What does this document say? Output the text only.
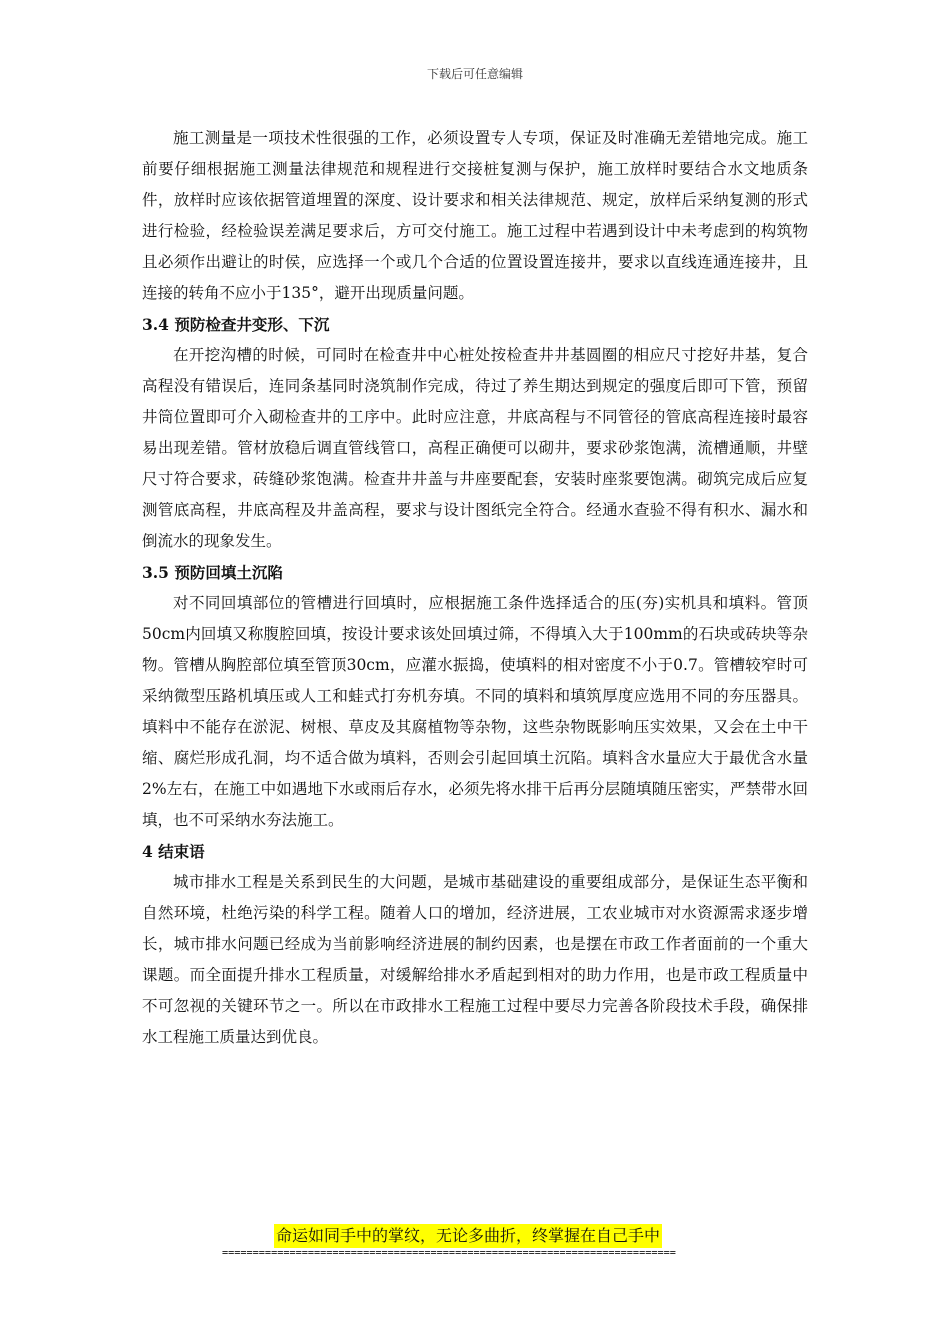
下载后可任意编辑

施工测量是一项技术性很强的工作，必须设置专人专项，保证及时准确无差错地完成。施工前要仔细根据施工测量法律规范和规程进行交接桩复测与保护，施工放样时要结合水文地质条件，放样时应该依据管道埋置的深度、设计要求和相关法律规范、规定，放样后采纳复测的形式进行检验，经检验误差满足要求后，方可交付施工。施工过程中若遇到设计中未考虑到的构筑物且必须作出避让的时侯，应选择一个或几个合适的位置设置连接井，要求以直线连通连接井，且连接的转角不应小于135°，避开出现质量问题。

3.4 预防检查井变形、下沉

在开挖沟槽的时候，可同时在检查井中心桩处按检查井井基圆圈的相应尺寸挖好井基，复合高程没有错误后，连同条基同时浇筑制作完成，待过了养生期达到规定的强度后即可下管，预留井筒位置即可介入砌检查井的工序中。此时应注意，井底高程与不同管径的管底高程连接时最容易出现差错。管材放稳后调直管线管口，高程正确便可以砌井，要求砂浆饱满，流槽通顺，井壁尺寸符合要求，砖缝砂浆饱满。检查井井盖与井座要配套，安装时座浆要饱满。砌筑完成后应复测管底高程，井底高程及井盖高程，要求与设计图纸完全符合。经通水查验不得有积水、漏水和倒流水的现象发生。

3.5 预防回填土沉陷

对不同回填部位的管槽进行回填时，应根据施工条件选择适合的压(夯)实机具和填料。管顶50cm内回填又称腹腔回填，按设计要求该处回填过筛，不得填入大于100mm的石块或砖块等杂物。管槽从胸腔部位填至管顶30cm，应灌水振捣，使填料的相对密度不小于0.7。管槽较窄时可采纳微型压路机填压或人工和蛙式打夯机夯填。不同的填料和填筑厚度应选用不同的夯压器具。填料中不能存在淤泥、树根、草皮及其腐植物等杂物，这些杂物既影响压实效果，又会在土中干缩、腐烂形成孔洞，均不适合做为填料，否则会引起回填土沉陷。填料含水量应大于最优含水量2%左右，在施工中如遇地下水或雨后存水，必须先将水排干后再分层随填随压密实，严禁带水回填，也不可采纳水夯法施工。

4 结束语

城市排水工程是关系到民生的大问题，是城市基础建设的重要组成部分，是保证生态平衡和自然环境，杜绝污染的科学工程。随着人口的增加，经济进展，工农业城市对水资源需求逐步增长，城市排水问题已经成为当前影响经济进展的制约因素，也是摆在市政工作者面前的一个重大课题。而全面提升排水工程质量，对缓解给排水矛盾起到相对的助力作用，也是市政工程质量中不可忽视的关键环节之一。所以在市政排水工程施工过程中要尽力完善各阶段技术手段，确保排水工程施工质量达到优良。

命运如同手中的掌纹，无论多曲折，终掌握在自己手中
==========================================================================
